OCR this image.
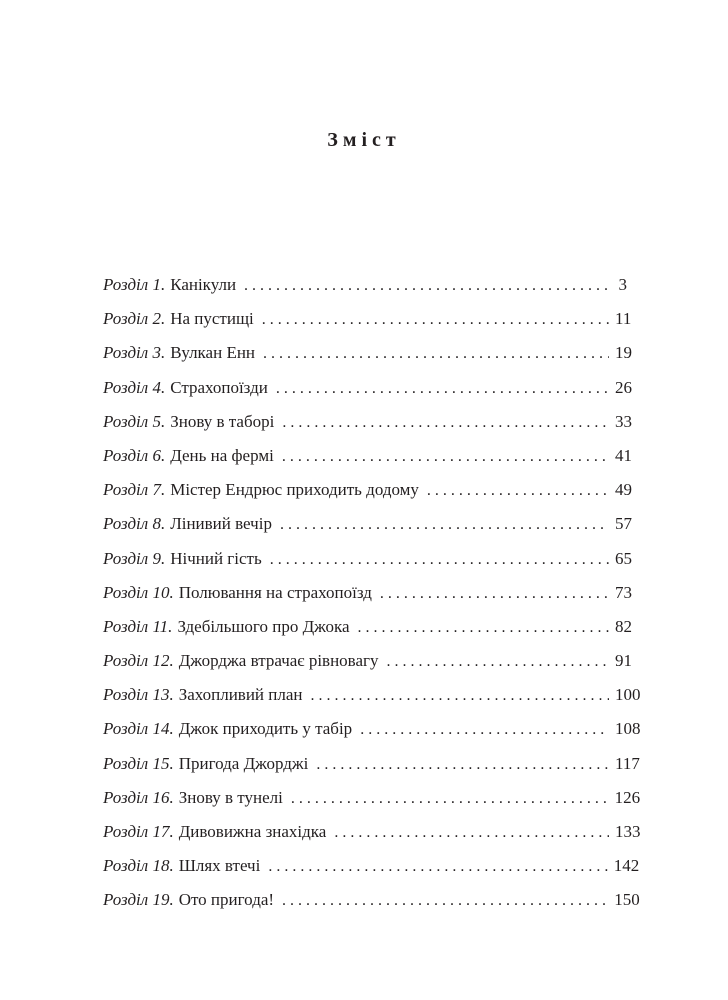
Зміст
Розділ 1. Канікули . . .	3
Розділ 2. На пустищі . . .	11
Розділ 3. Вулкан Енн . . .	19
Розділ 4. Страхопоїзди . . .	26
Розділ 5. Знову в таборі . . .	33
Розділ 6. День на фермі . . .	41
Розділ 7. Містер Ендрюс приходить додому . . .	49
Розділ 8. Лінивий вечір . . .	57
Розділ 9. Нічний гість . . .	65
Розділ 10. Полювання на страхопоїзд . . .	73
Розділ 11. Здебільшого про Джока . . .	82
Розділ 12. Джорджа втрачає рівновагу . . .	91
Розділ 13. Захопливий план . . .	100
Розділ 14. Джок приходить у табір . . .	108
Розділ 15. Пригода Джорджі . . .	117
Розділ 16. Знову в тунелі . . .	126
Розділ 17. Дивовижна знахідка . . .	133
Розділ 18. Шлях втечі . . .	142
Розділ 19. Ото пригода! . . .	150
